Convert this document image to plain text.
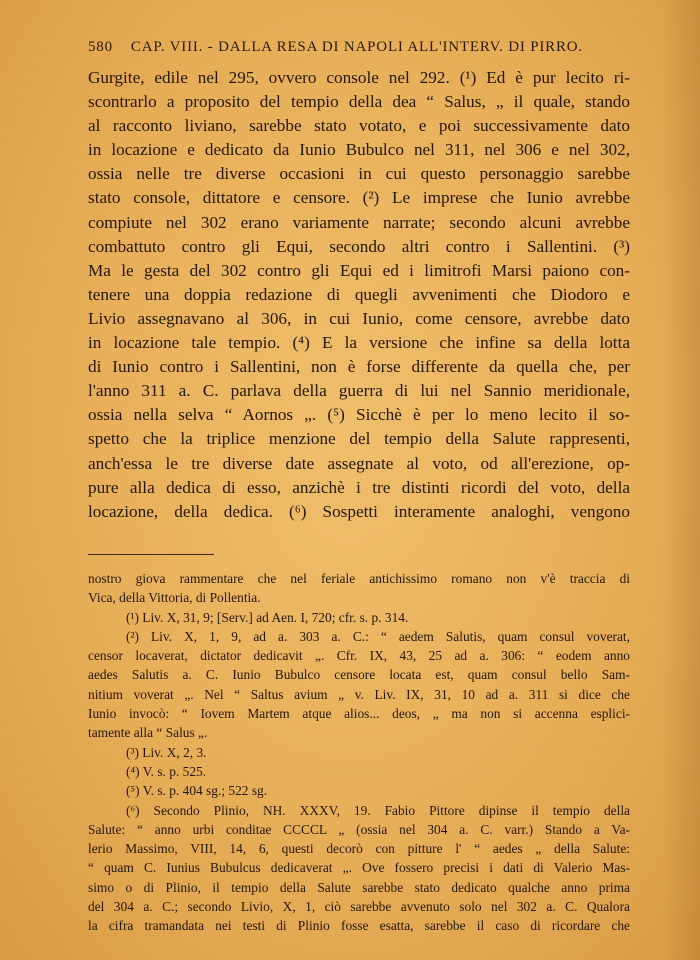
580 CAP. VIII. - DALLA RESA DI NAPOLI ALL'INTERV. DI PIRRO.
Gurgite, edile nel 295, ovvero console nel 292. (¹) Ed è pur lecito ri-
scontrarlo a proposito del tempio della dea “ Salus, „ il quale, stando
al racconto liviano, sarebbe stato votato, e poi successivamente dato
in locazione e dedicato da Iunio Bubulco nel 311, nel 306 e nel 302,
ossia nelle tre diverse occasioni in cui questo personaggio sarebbe
stato console, dittatore e censore. (²) Le imprese che Iunio avrebbe
compiute nel 302 erano variamente narrate; secondo alcuni avrebbe
combattuto contro gli Equi, secondo altri contro i Sallentini. (³)
Ma le gesta del 302 contro gli Equi ed i limitrofi Marsi paiono con-
tenere una doppia redazione di quegli avvenimenti che Diodoro e
Livio assegnavano al 306, in cui Iunio, come censore, avrebbe dato
in locazione tale tempio. (⁴) E la versione che infine sa della lotta
di Iunio contro i Sallentini, non è forse differente da quella che, per
l'anno 311 a. C. parlava della guerra di lui nel Sannio meridionale,
ossia nella selva “ Aornos „. (⁵) Sicchè è per lo meno lecito il so-
spetto che la triplice menzione del tempio della Salute rappresenti,
anch'essa le tre diverse date assegnate al voto, od all'erezione, op-
pure alla dedica di esso, anzichè i tre distinti ricordi del voto, della
locazione, della dedica. (⁶) Sospetti interamente analoghi, vengono
nostro giova rammentare che nel feriale antichissimo romano non v'è traccia di
Vica, della Vittoria, di Pollentia.
(¹) Liv. X, 31, 9; [Serv.] ad Aen. I, 720; cfr. s. p. 314.
(²) Liv. X, 1, 9, ad a. 303 a. C.: “ aedem Salutis, quam consul voverat,
censor locaverat, dictator dedicavit „. Cfr. IX, 43, 25 ad a. 306: “ eodem anno
aedes Salutis a. C. Iunio Bubulco censore locata est, quam consul bello Sam-
nitium voverat „. Nel “ Saltus avium „ v. Liv. IX, 31, 10 ad a. 311 si dice che
Iunio invocò: “ Iovem Martem atque alios... deos, „ ma non si accenna esplici-
tamente alla “ Salus „.
(³) Liv. X, 2, 3.
(⁴) V. s. p. 525.
(⁵) V. s. p. 404 sg.; 522 sg.
(⁶) Secondo Plinio, NH. XXXV, 19. Fabio Pittore dipinse il tempio della
Salute: “ anno urbi conditae CCCCL „ (ossia nel 304 a. C. varr.) Stando a Va-
lerio Massimo, VIII, 14, 6, questi decorò con pitture l' “ aedes „ della Salute:
“ quam C. Iunius Bubulcus dedicaverat „. Ove fossero precisi i dati di Valerio Mas-
simo o di Plinio, il tempio della Salute sarebbe stato dedicato qualche anno prima
del 304 a. C.; secondo Livio, X, 1, ciò sarebbe avvenuto solo nel 302 a. C. Qualora
la cifra tramandata nei testi di Plinio fosse esatta, sarebbe il caso di ricordare che
